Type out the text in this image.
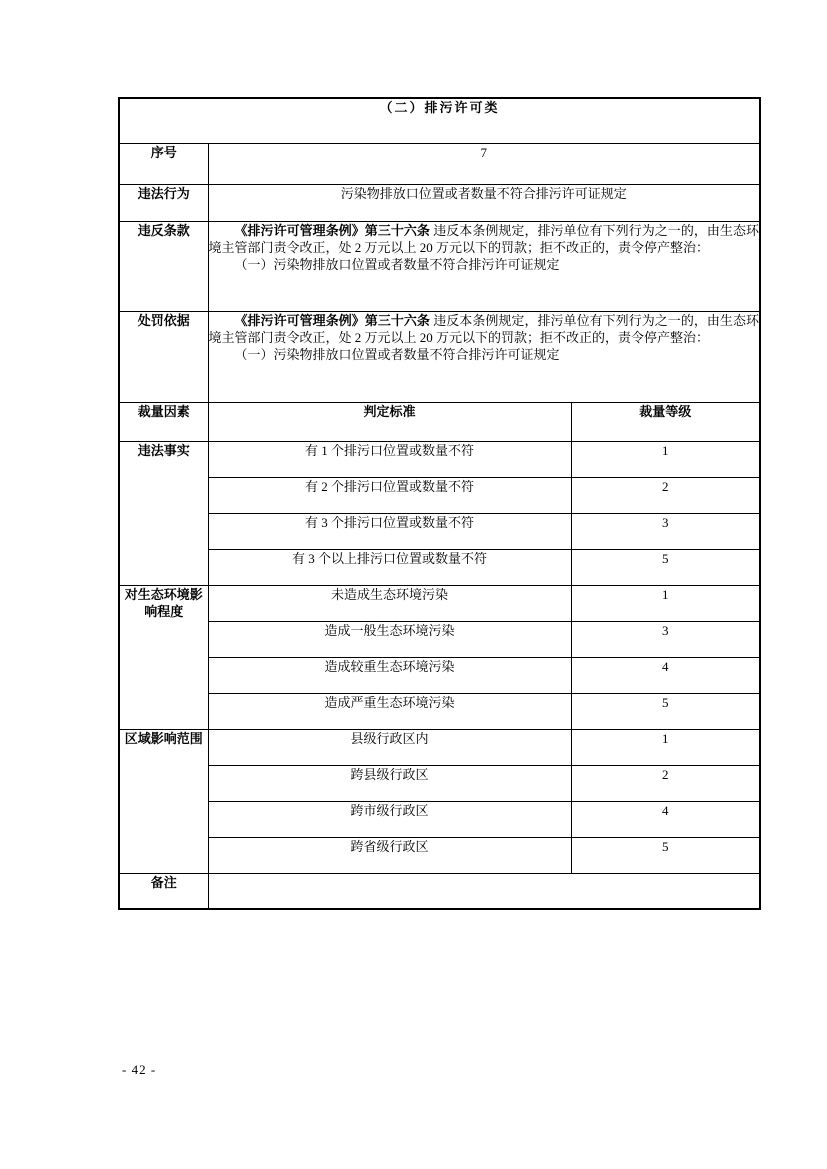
（二）排污许可类		
序号	7	
违法行为	污染物排放口位置或者数量不符合排污许可证规定	
违反条款	《排污许可管理条例》第三十六条 违反本条例规定，排污单位有下列行为之一的，由生态环境主管部门责令改正，处 2 万元以上 20 万元以下的罚款；拒不改正的，责令停产整治：

（一）污染物排放口位置或者数量不符合排污许可证规定	

处罚依据	《排污许可管理条例》第三十六条 违反本条例规定，排污单位有下列行为之一的，由生态环境主管部门责令改正，处 2 万元以上 20 万元以下的罚款；拒不改正的，责令停产整治：

（一）污染物排放口位置或者数量不符合排污许可证规定	

裁量因素	判定标准	裁量等级
违法事实	有 1 个排污口位置或数量不符	1
	有 2 个排污口位置或数量不符	2
	有 3 个排污口位置或数量不符	3
	有 3 个以上排污口位置或数量不符	5
对生态环境影响程度	未造成生态环境污染	1
	造成一般生态环境污染	3
	造成较重生态环境污染	4
	造成严重生态环境污染	5
区域影响范围	县级行政区内	1
	跨县级行政区	2
	跨市级行政区	4
	跨省级行政区	5
备注		
- 42 -
